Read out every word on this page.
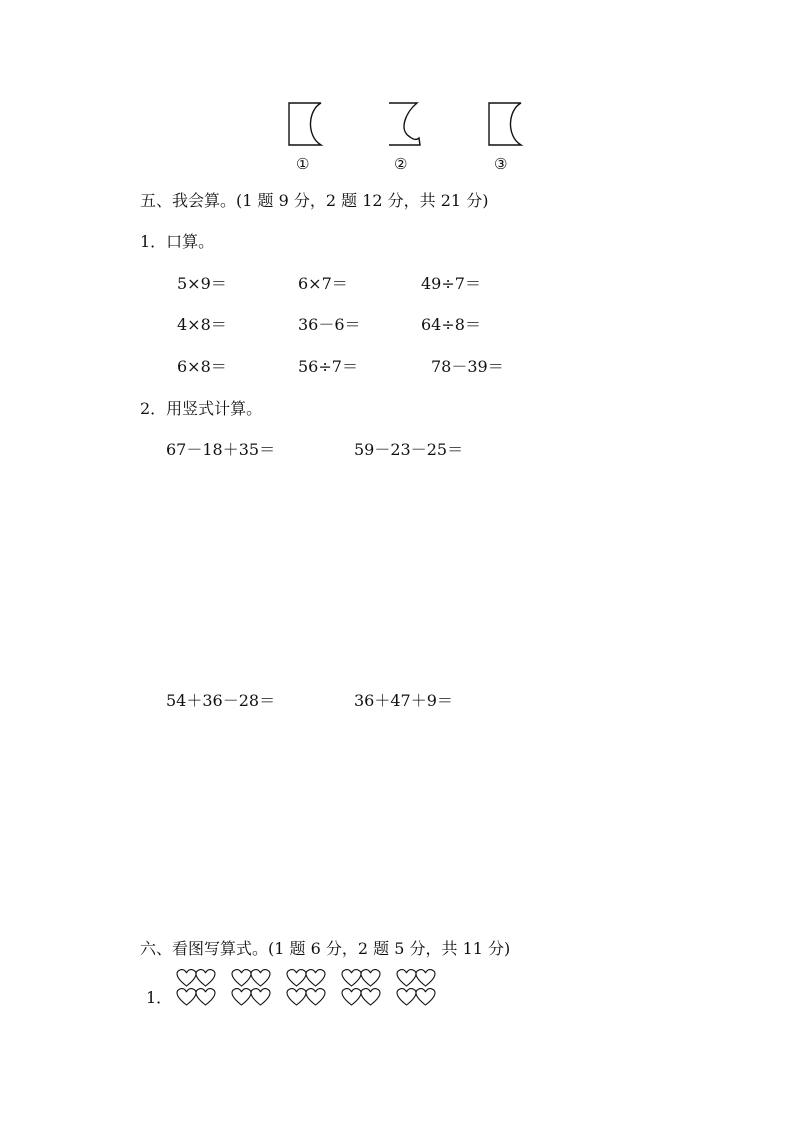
①	②	③
五、我会算。(1 题 9 分，2 题 12 分，共 21 分)
1．口算。
5×9＝	6×7＝	49÷7＝
4×8＝	36－6＝	64÷8＝
6×8＝	56÷7＝	78－39＝
2．用竖式计算。
67－18＋35＝	59－23－25＝
54＋36－28＝	36＋47＋9＝
六、看图写算式。(1 题 6 分，2 题 5 分，共 11 分)
1．
